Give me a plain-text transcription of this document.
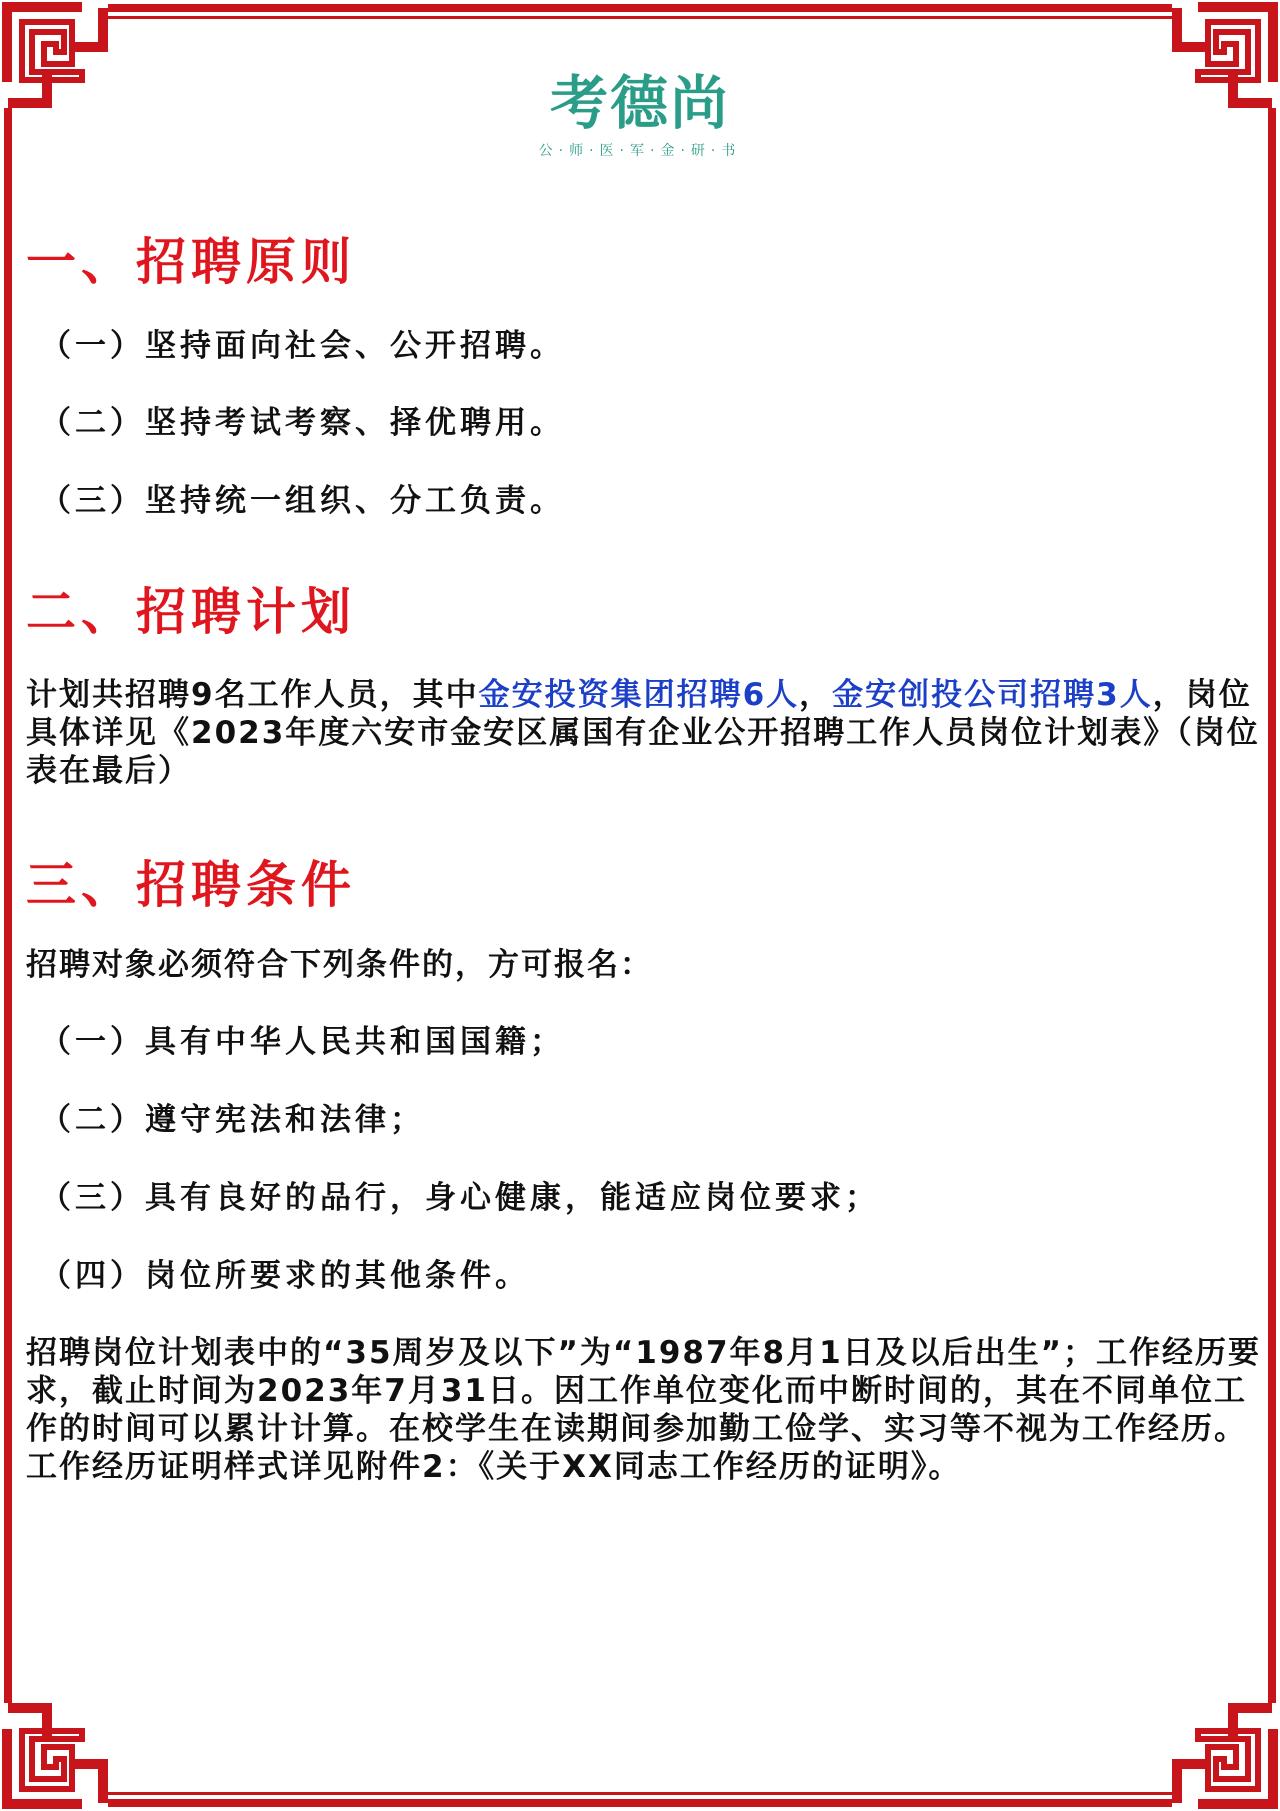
考德尚
公·师·医·军·金·研·书
一、招聘原则
（一）坚持面向社会、公开招聘。
（二）坚持考试考察、择优聘用。
（三）坚持统一组织、分工负责。
二、招聘计划
计划共招聘9名工作人员，其中金安投资集团招聘6人，金安创投公司招聘3人，岗位具体详见《2023年度六安市金安区属国有企业公开招聘工作人员岗位计划表》（岗位表在最后）
三、招聘条件
招聘对象必须符合下列条件的，方可报名：
（一）具有中华人民共和国国籍；
（二）遵守宪法和法律；
（三）具有良好的品行，身心健康，能适应岗位要求；
（四）岗位所要求的其他条件。
招聘岗位计划表中的“35周岁及以下”为“1987年8月1日及以后出生”；工作经历要求，截止时间为2023年7月31日。因工作单位变化而中断时间的，其在不同单位工作的时间可以累计计算。在校学生在读期间参加勤工俭学、实习等不视为工作经历。工作经历证明样式详见附件2：《关于XX同志工作经历的证明》。
